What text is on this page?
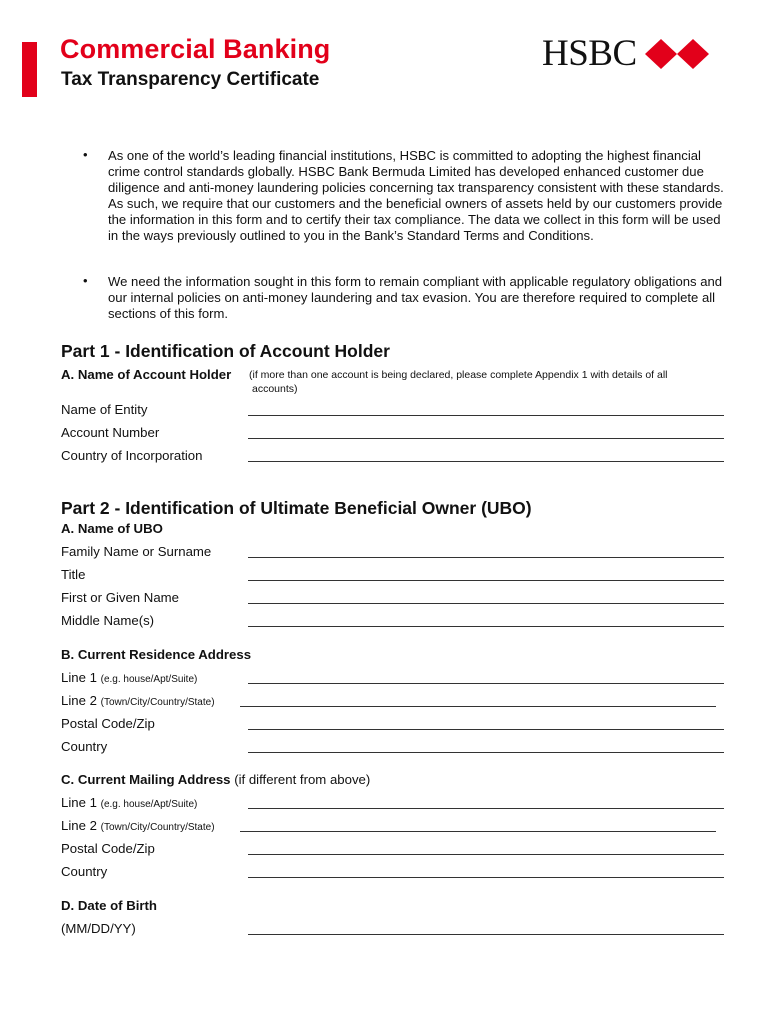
Commercial Banking
Tax Transparency Certificate
HSBC
• As one of the world’s leading financial institutions, HSBC is committed to adopting the highest financial crime control standards globally. HSBC Bank Bermuda Limited has developed enhanced customer due diligence and anti-money laundering policies concerning tax transparency consistent with these standards. As such, we require that our customers and the beneficial owners of assets held by our customers provide the information in this form and to certify their tax compliance. The data we collect in this form will be used in the ways previously outlined to you in the Bank’s Standard Terms and Conditions.
• We need the information sought in this form to remain compliant with applicable regulatory obligations and our internal policies on anti-money laundering and tax evasion. You are therefore required to complete all sections of this form.
Part 1 - Identification of Account Holder
A. Name of Account Holder (if more than one account is being declared, please complete Appendix 1 with details of all
accounts)
Name of Entity
Account Number
Country of Incorporation
Part 2 - Identification of Ultimate Beneficial Owner (UBO)
A. Name of UBO
Family Name or Surname
Title
First or Given Name
Middle Name(s)
B. Current Residence Address
Line 1 (e.g. house/Apt/Suite)
Line 2 (Town/City/Country/State)
Postal Code/Zip
Country
C. Current Mailing Address (if different from above)
Line 1 (e.g. house/Apt/Suite)
Line 2 (Town/City/Country/State)
Postal Code/Zip
Country
D. Date of Birth
(MM/DD/YY)
